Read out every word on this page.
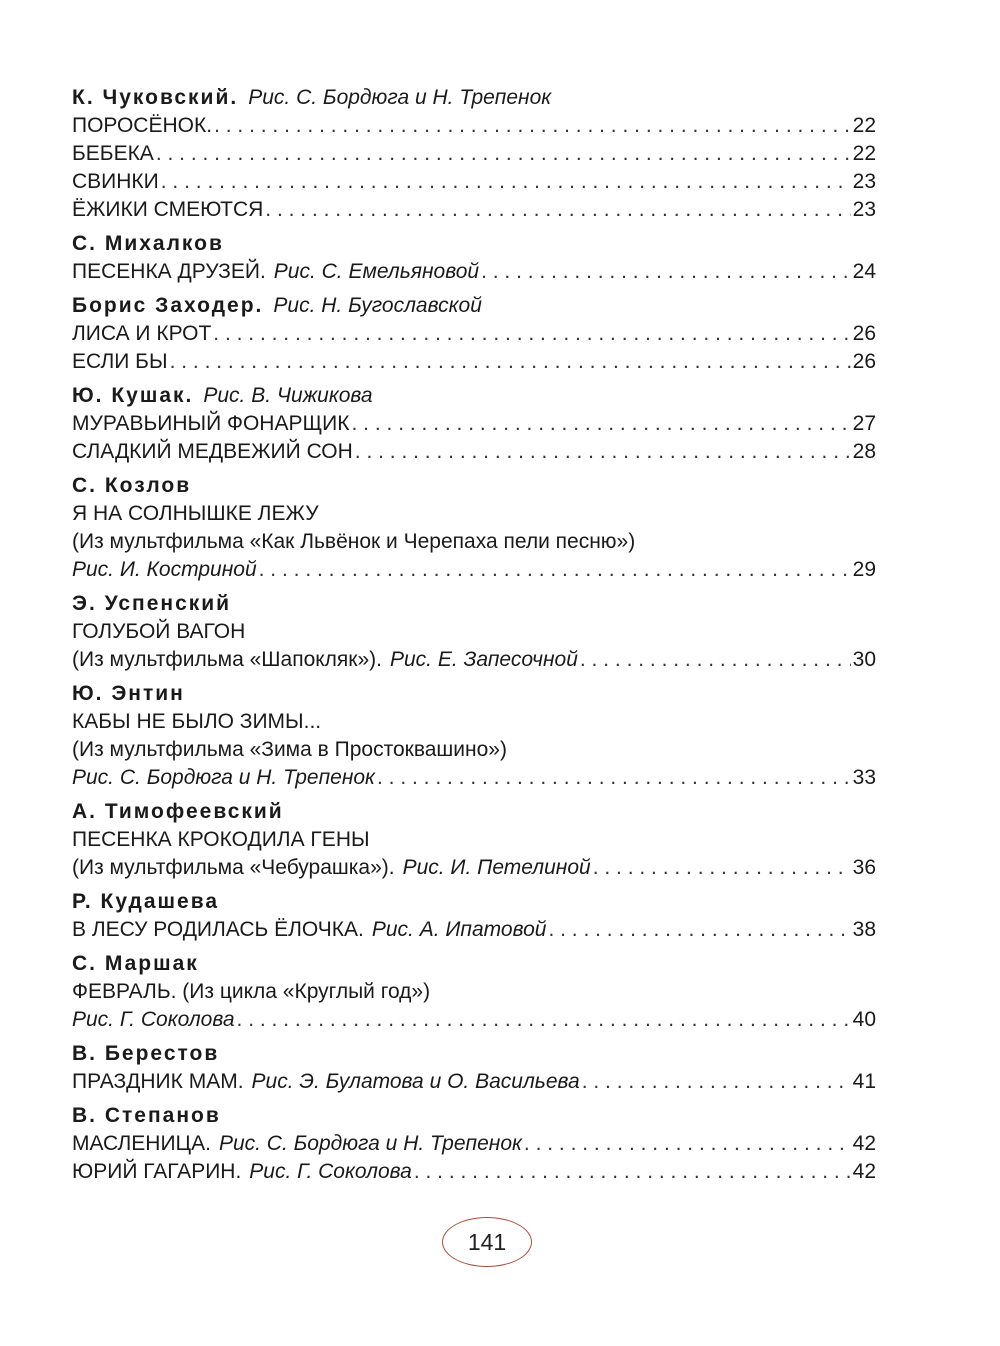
К. Чуковский. Рис. С. Бордюга и Н. Трепенок
ПОРОСЁНОК. . . .	22
БЕБЕКА . . .	22
СВИНКИ . . .	23
ЁЖИКИ СМЕЮТСЯ . . .	23
С. Михалков
ПЕСЕНКА ДРУЗЕЙ. Рис. С. Емельяновой . . .	24
Борис Заходер. Рис. Н. Бугославской
ЛИСА И КРОТ . . .	26
ЕСЛИ БЫ . . .	26
Ю. Кушак. Рис. В. Чижикова
МУРАВЬИНЫЙ ФОНАРЩИК . . .	27
СЛАДКИЙ МЕДВЕЖИЙ СОН . . .	28
С. Козлов
Я НА СОЛНЫШКЕ ЛЕЖУ
(Из мультфильма «Как Львёнок и Черепаха пели песню»)
Рис. И. Костриной . . .	29
Э. Успенский
ГОЛУБОЙ ВАГОН
(Из мультфильма «Шапокляк»). Рис. Е. Запесочной . . .	30
Ю. Энтин
КАБЫ НЕ БЫЛО ЗИМЫ...
(Из мультфильма «Зима в Простоквашино»)
Рис. С. Бордюга и Н. Трепенок . . .	33
А. Тимофеевский
ПЕСЕНКА КРОКОДИЛА ГЕНЫ
(Из мультфильма «Чебурашка»). Рис. И. Петелиной . . .	36
Р. Кудашева
В ЛЕСУ РОДИЛАСЬ ЁЛОЧКА. Рис. А. Ипатовой . . .	38
С. Маршак
ФЕВРАЛЬ. (Из цикла «Круглый год»)
Рис. Г. Соколова . . .	40
В. Берестов
ПРАЗДНИК МАМ. Рис. Э. Булатова и О. Васильева . . .	41
В. Степанов
МАСЛЕНИЦА. Рис. С. Бордюга и Н. Трепенок . . .	42
ЮРИЙ ГАГАРИН. Рис. Г. Соколова . . .	42
141
